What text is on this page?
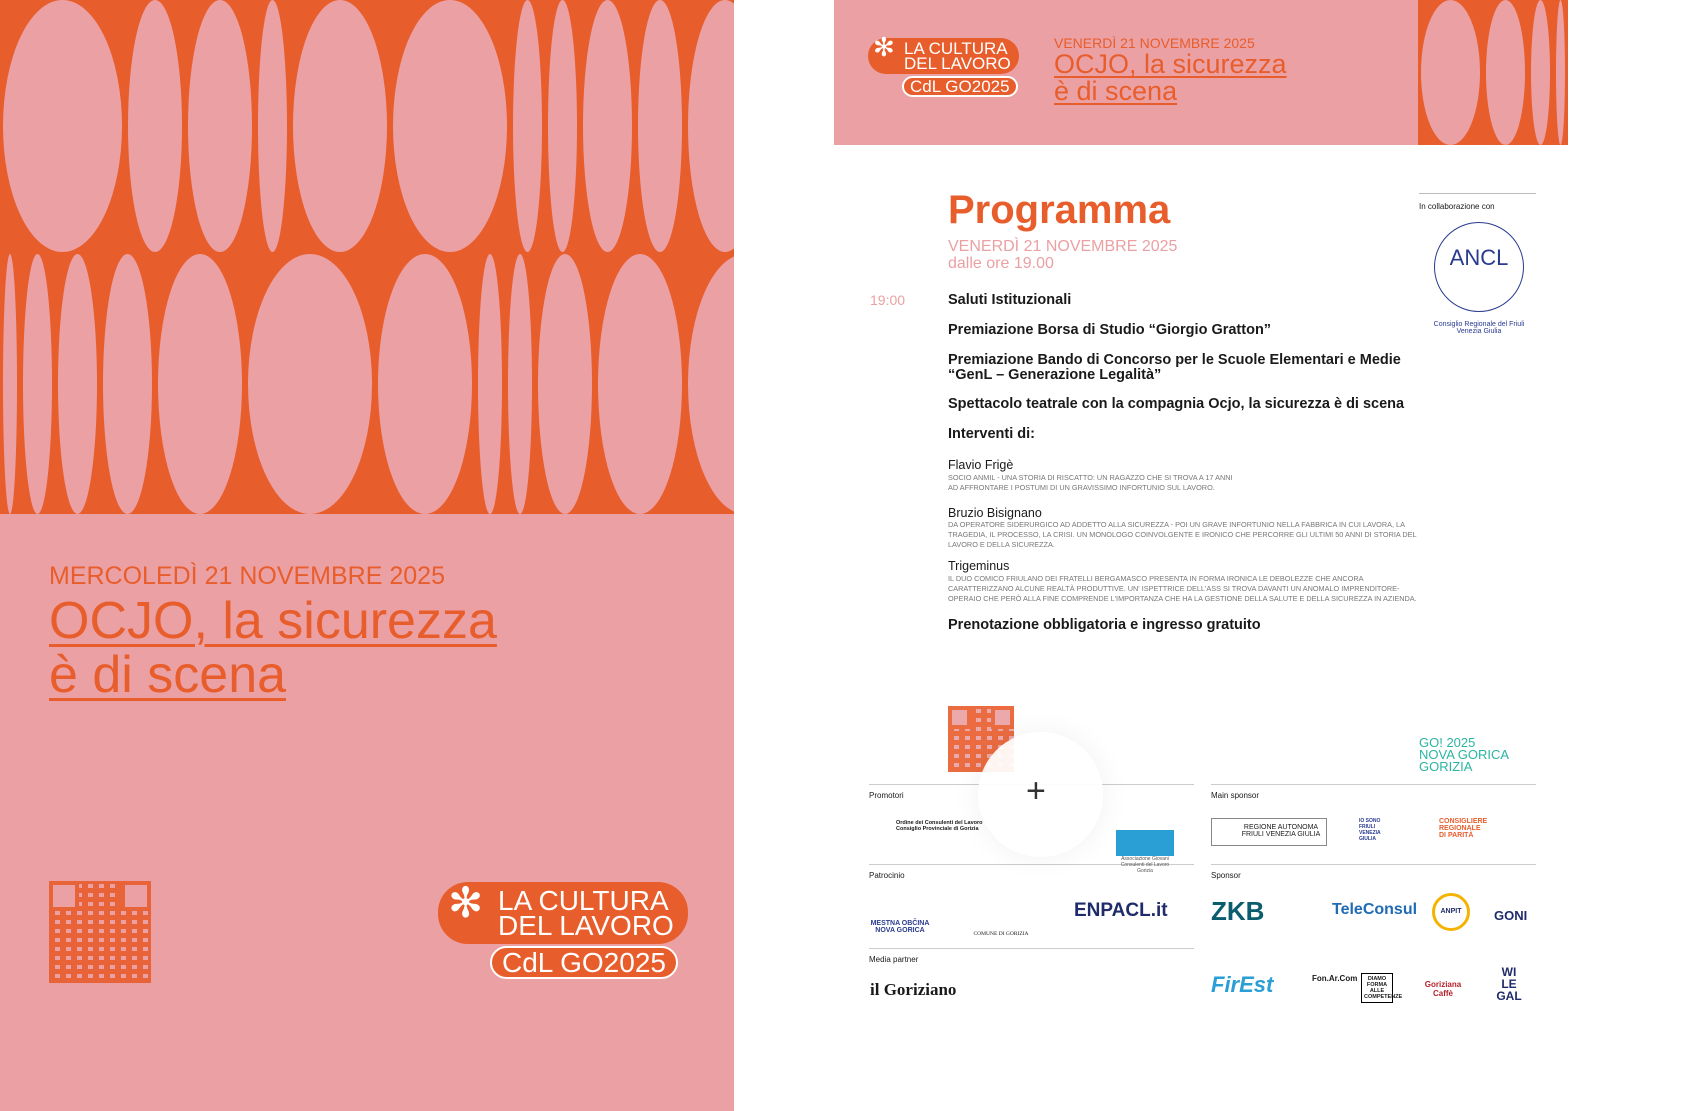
MERCOLEDÌ 21 NOVEMBRE 2025
OCJO, la sicurezza
è di scena
✻ LA CULTURA
DEL LAVORO
CdL GO2025
✻ LA CULTURA
DEL LAVORO
CdL GO2025
VENERDÌ 21 NOVEMBRE 2025
OCJO, la sicurezza
è di scena
Programma
VENERDÌ 21 NOVEMBRE 2025
dalle ore 19.00
19:00	Saluti Istituzionali
Premiazione Borsa di Studio “Giorgio Gratton”
Premiazione Bando di Concorso per le Scuole Elementari e Medie “GenL – Generazione Legalità”
Spettacolo teatrale con la compagnia Ocjo, la sicurezza è di scena
Interventi di:
Flavio Frigè
SOCIO ANMIL - UNA STORIA DI RISCATTO: UN RAGAZZO CHE SI TROVA A 17 ANNI AD AFFRONTARE I POSTUMI DI UN GRAVISSIMO INFORTUNIO SUL LAVORO.
Bruzio Bisignano
DA OPERATORE SIDERURGICO AD ADDETTO ALLA SICUREZZA - POI UN GRAVE INFORTUNIO NELLA FABBRICA IN CUI LAVORA, LA TRAGEDIA, IL PROCESSO, LA CRISI. UN MONOLOGO COINVOLGENTE E IRONICO CHE PERCORRE GLI ULTIMI 50 ANNI DI STORIA DEL LAVORO E DELLA SICUREZZA.
Trigeminus
IL DUO COMICO FRIULANO DEI FRATELLI BERGAMASCO PRESENTA IN FORMA IRONICA LE DEBOLEZZE CHE ANCORA CARATTERIZZANO ALCUNE REALTÀ PRODUTTIVE. UN' ISPETTRICE DELL'ASS SI TROVA DAVANTI UN ANOMALO IMPRENDITORE-OPERAIO CHE PERÒ ALLA FINE COMPRENDE L'IMPORTANZA CHE HA LA GESTIONE DELLA SALUTE E DELLA SICUREZZA IN AZIENDA.
Prenotazione obbligatoria e ingresso gratuito
In collaborazione con
ANCL
Consiglio Regionale del Friuli Venezia Giulia
GO! 2025
NOVA GORICA
GORIZIA
Promotori	Main sponsor
Patrocinio	Sponsor
Media partner
Ordine dei Consulenti del Lavoro Consiglio Provinciale di Gorizia
Associazione Giovani Consulenti del Lavoro Gorizia
REGIONE AUTONOMA FRIULI VENEZIA GIULIA
IO SONO FRIULI VENEZIA GIULIA
CONSIGLIERE REGIONALE DI PARITÀ
MESTNA OBČINA NOVA GORICA	COMUNE DI GORIZIA
ENPACL.it ZKB	TeleConsul	ANPIT	GONI
il Goriziano	FirEst	Fon.Ar.Com	DIAMO FORMA ALLE COMPETENZE
Goriziana Caffè
WI LE GAL
+
